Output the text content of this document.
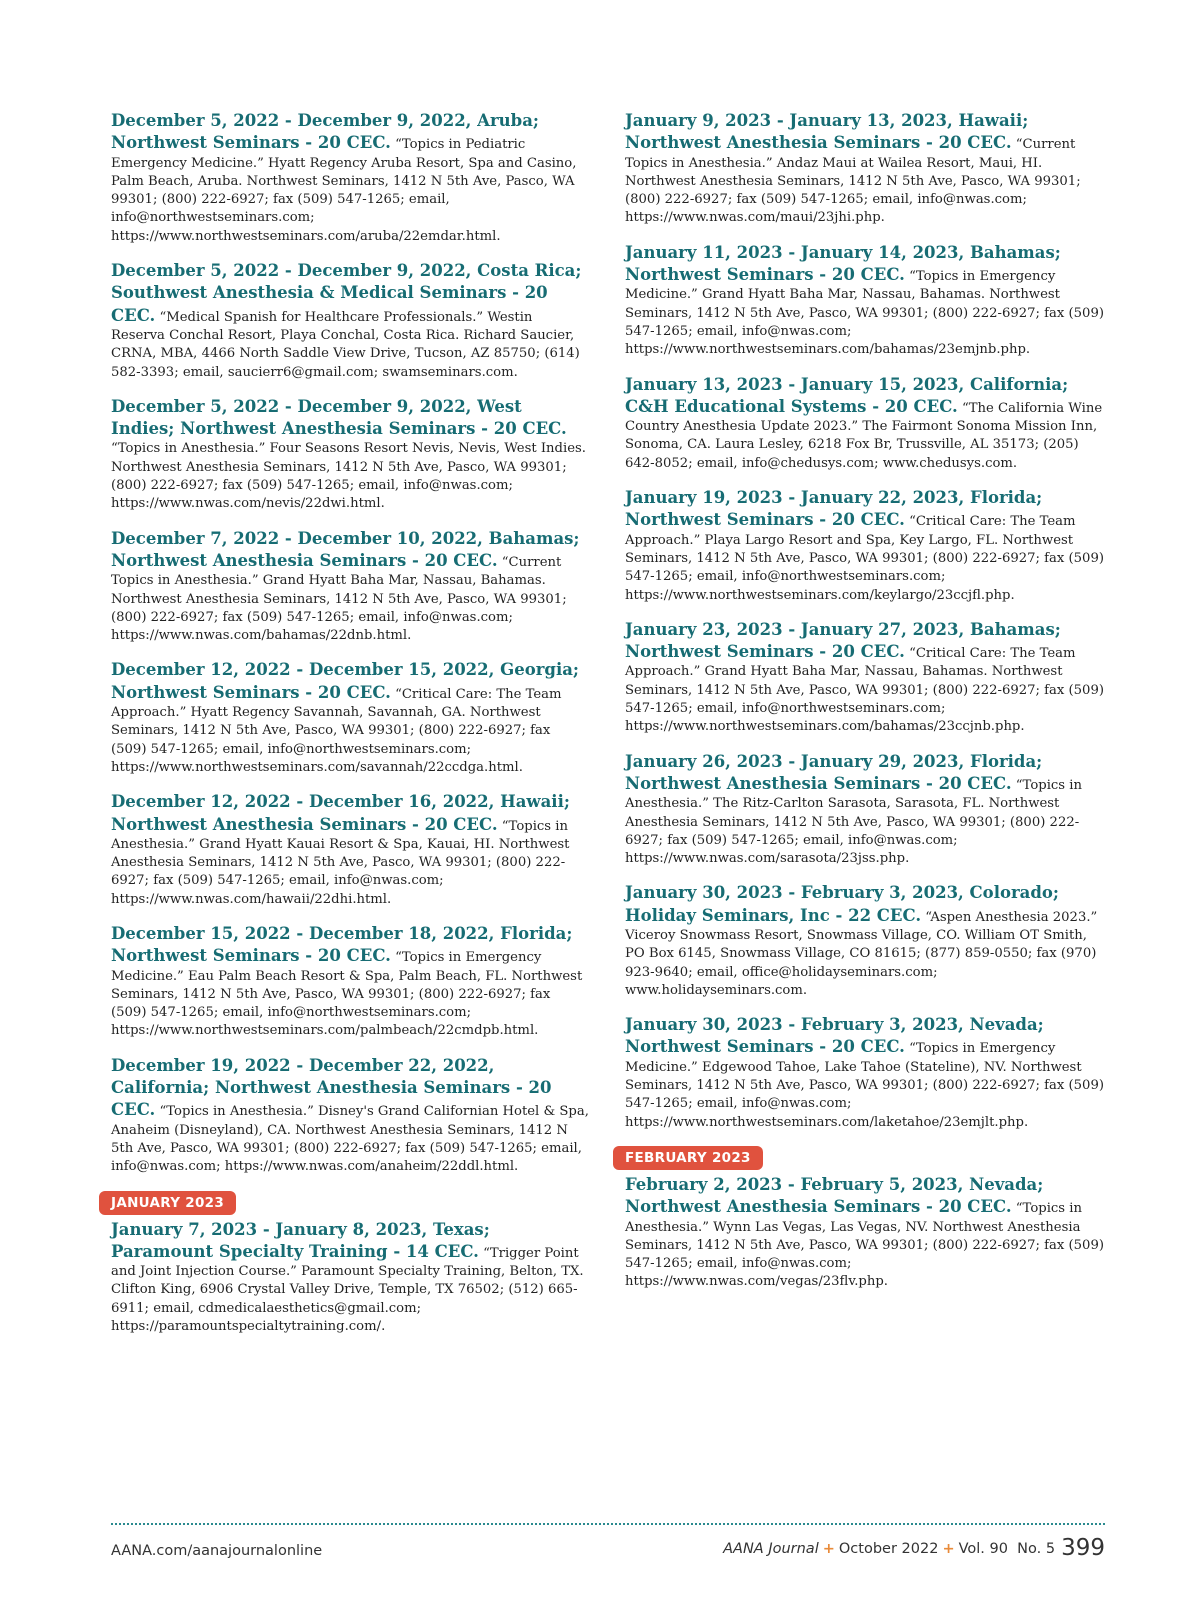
December 5, 2022 - December 9, 2022, Aruba; Northwest Seminars - 20 CEC. “Topics in Pediatric Emergency Medicine.” Hyatt Regency Aruba Resort, Spa and Casino, Palm Beach, Aruba. Northwest Seminars, 1412 N 5th Ave, Pasco, WA 99301; (800) 222-6927; fax (509) 547-1265; email, info@northwestseminars.com; https://www.northwestseminars.com/aruba/22emdar.html.
December 5, 2022 - December 9, 2022, Costa Rica; Southwest Anesthesia & Medical Seminars - 20 CEC. “Medical Spanish for Healthcare Professionals.” Westin Reserva Conchal Resort, Playa Conchal, Costa Rica. Richard Saucier, CRNA, MBA, 4466 North Saddle View Drive, Tucson, AZ 85750; (614) 582-3393; email, saucierr6@gmail.com; swamseminars.com.
December 5, 2022 - December 9, 2022, West Indies; Northwest Anesthesia Seminars - 20 CEC. “Topics in Anesthesia.” Four Seasons Resort Nevis, Nevis, West Indies. Northwest Anesthesia Seminars, 1412 N 5th Ave, Pasco, WA 99301; (800) 222-6927; fax (509) 547-1265; email, info@nwas.com; https://www.nwas.com/nevis/22dwi.html.
December 7, 2022 - December 10, 2022, Bahamas; Northwest Anesthesia Seminars - 20 CEC. “Current Topics in Anesthesia.” Grand Hyatt Baha Mar, Nassau, Bahamas. Northwest Anesthesia Seminars, 1412 N 5th Ave, Pasco, WA 99301; (800) 222-6927; fax (509) 547-1265; email, info@nwas.com; https://www.nwas.com/bahamas/22dnb.html.
December 12, 2022 - December 15, 2022, Georgia; Northwest Seminars - 20 CEC. “Critical Care: The Team Approach.” Hyatt Regency Savannah, Savannah, GA. Northwest Seminars, 1412 N 5th Ave, Pasco, WA 99301; (800) 222-6927; fax (509) 547-1265; email, info@northwestseminars.com; https://www.northwestseminars.com/savannah/22ccdga.html.
December 12, 2022 - December 16, 2022, Hawaii; Northwest Anesthesia Seminars - 20 CEC. “Topics in Anesthesia.” Grand Hyatt Kauai Resort & Spa, Kauai, HI. Northwest Anesthesia Seminars, 1412 N 5th Ave, Pasco, WA 99301; (800) 222-6927; fax (509) 547-1265; email, info@nwas.com; https://www.nwas.com/hawaii/22dhi.html.
December 15, 2022 - December 18, 2022, Florida; Northwest Seminars - 20 CEC. “Topics in Emergency Medicine.” Eau Palm Beach Resort & Spa, Palm Beach, FL. Northwest Seminars, 1412 N 5th Ave, Pasco, WA 99301; (800) 222-6927; fax (509) 547-1265; email, info@northwestseminars.com; https://www.northwestseminars.com/palmbeach/22cmdpb.html.
December 19, 2022 - December 22, 2022, California; Northwest Anesthesia Seminars - 20 CEC. “Topics in Anesthesia.” Disney's Grand Californian Hotel & Spa, Anaheim (Disneyland), CA. Northwest Anesthesia Seminars, 1412 N 5th Ave, Pasco, WA 99301; (800) 222-6927; fax (509) 547-1265; email, info@nwas.com; https://www.nwas.com/anaheim/22ddl.html.
JANUARY 2023
January 7, 2023 - January 8, 2023, Texas; Paramount Specialty Training - 14 CEC. “Trigger Point and Joint Injection Course.” Paramount Specialty Training, Belton, TX. Clifton King, 6906 Crystal Valley Drive, Temple, TX 76502; (512) 665-6911; email, cdmedicalaesthetics@gmail.com; https://paramountspecialtytraining.com/.
January 9, 2023 - January 13, 2023, Hawaii; Northwest Anesthesia Seminars - 20 CEC. “Current Topics in Anesthesia.” Andaz Maui at Wailea Resort, Maui, HI. Northwest Anesthesia Seminars, 1412 N 5th Ave, Pasco, WA 99301; (800) 222-6927; fax (509) 547-1265; email, info@nwas.com; https://www.nwas.com/maui/23jhi.php.
January 11, 2023 - January 14, 2023, Bahamas; Northwest Seminars - 20 CEC. “Topics in Emergency Medicine.” Grand Hyatt Baha Mar, Nassau, Bahamas. Northwest Seminars, 1412 N 5th Ave, Pasco, WA 99301; (800) 222-6927; fax (509) 547-1265; email, info@nwas.com; https://www.northwestseminars.com/bahamas/23emjnb.php.
January 13, 2023 - January 15, 2023, California; C&H Educational Systems - 20 CEC. “The California Wine Country Anesthesia Update 2023.” The Fairmont Sonoma Mission Inn, Sonoma, CA. Laura Lesley, 6218 Fox Br, Trussville, AL 35173; (205) 642-8052; email, info@chedusys.com; www.chedusys.com.
January 19, 2023 - January 22, 2023, Florida; Northwest Seminars - 20 CEC. “Critical Care: The Team Approach.” Playa Largo Resort and Spa, Key Largo, FL. Northwest Seminars, 1412 N 5th Ave, Pasco, WA 99301; (800) 222-6927; fax (509) 547-1265; email, info@northwestseminars.com; https://www.northwestseminars.com/keylargo/23ccjfl.php.
January 23, 2023 - January 27, 2023, Bahamas; Northwest Seminars - 20 CEC. “Critical Care: The Team Approach.” Grand Hyatt Baha Mar, Nassau, Bahamas. Northwest Seminars, 1412 N 5th Ave, Pasco, WA 99301; (800) 222-6927; fax (509) 547-1265; email, info@northwestseminars.com; https://www.northwestseminars.com/bahamas/23ccjnb.php.
January 26, 2023 - January 29, 2023, Florida; Northwest Anesthesia Seminars - 20 CEC. “Topics in Anesthesia.” The Ritz-Carlton Sarasota, Sarasota, FL. Northwest Anesthesia Seminars, 1412 N 5th Ave, Pasco, WA 99301; (800) 222-6927; fax (509) 547-1265; email, info@nwas.com; https://www.nwas.com/sarasota/23jss.php.
January 30, 2023 - February 3, 2023, Colorado; Holiday Seminars, Inc - 22 CEC. “Aspen Anesthesia 2023.” Viceroy Snowmass Resort, Snowmass Village, CO. William OT Smith, PO Box 6145, Snowmass Village, CO 81615; (877) 859-0550; fax (970) 923-9640; email, office@holidayseminars.com; www.holidayseminars.com.
January 30, 2023 - February 3, 2023, Nevada; Northwest Seminars - 20 CEC. “Topics in Emergency Medicine.” Edgewood Tahoe, Lake Tahoe (Stateline), NV. Northwest Seminars, 1412 N 5th Ave, Pasco, WA 99301; (800) 222-6927; fax (509) 547-1265; email, info@nwas.com; https://www.northwestseminars.com/laketahoe/23emjlt.php.
FEBRUARY 2023
February 2, 2023 - February 5, 2023, Nevada; Northwest Anesthesia Seminars - 20 CEC. “Topics in Anesthesia.” Wynn Las Vegas, Las Vegas, NV. Northwest Anesthesia Seminars, 1412 N 5th Ave, Pasco, WA 99301; (800) 222-6927; fax (509) 547-1265; email, info@nwas.com; https://www.nwas.com/vegas/23flv.php.
AANA.com/aanajournalonline	AANA Journal + October 2022 + Vol. 90  No. 5 399
